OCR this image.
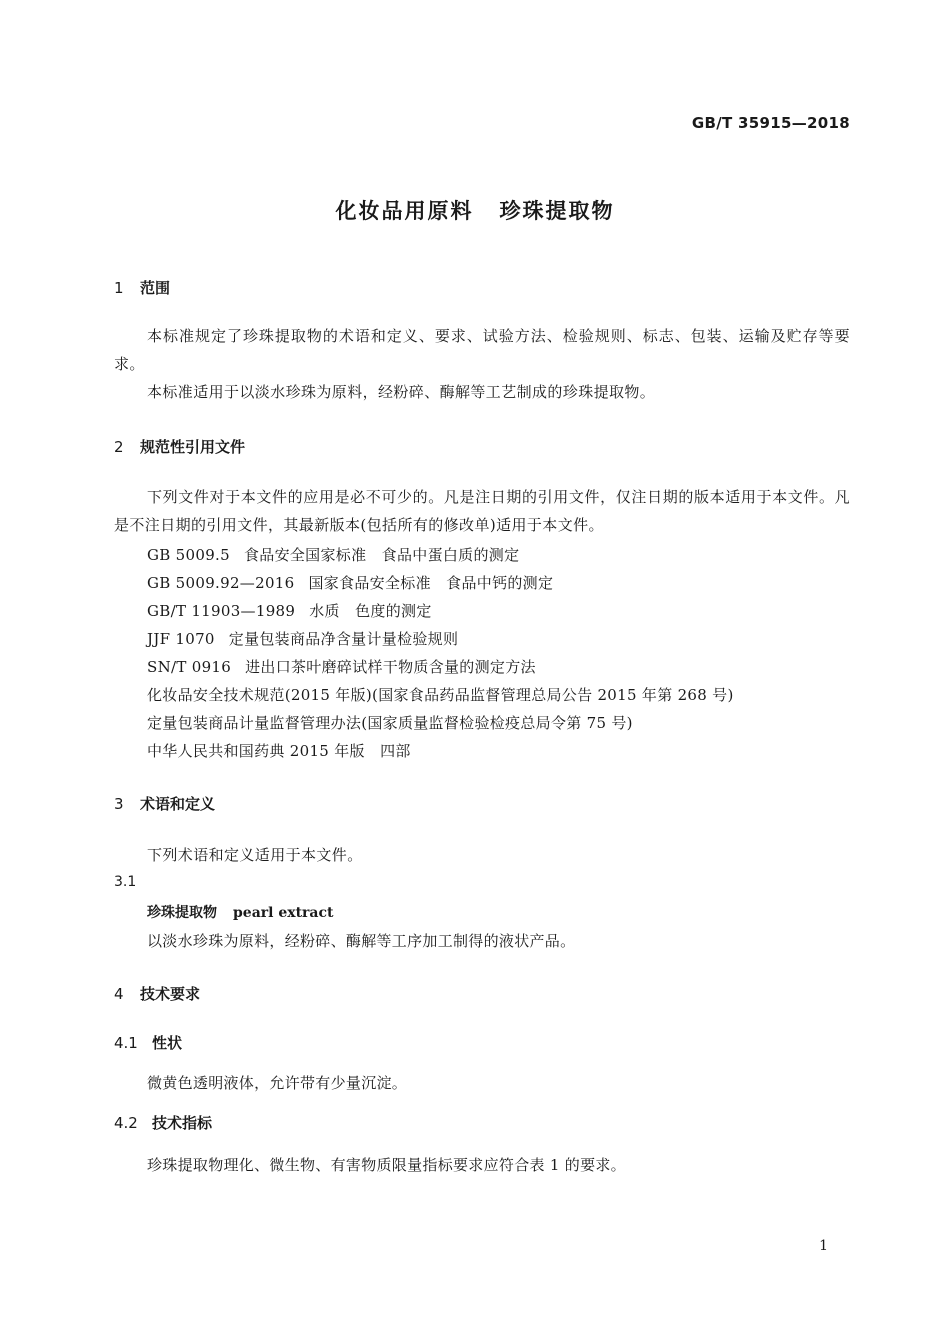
GB/T 35915—2018
化妆品用原料 珍珠提取物
1 范围

本标准规定了珍珠提取物的术语和定义、要求、试验方法、检验规则、标志、包装、运输及贮存等要求。

本标准适用于以淡水珍珠为原料，经粉碎、酶解等工艺制成的珍珠提取物。

2 规范性引用文件

下列文件对于本文件的应用是必不可少的。凡是注日期的引用文件，仅注日期的版本适用于本文件。凡是不注日期的引用文件，其最新版本(包括所有的修改单)适用于本文件。

GB 5009.5 食品安全国家标准　食品中蛋白质的测定
GB 5009.92—2016 国家食品安全标准　食品中钙的测定
GB/T 11903—1989 水质　色度的测定
JJF 1070 定量包装商品净含量计量检验规则
SN/T 0916 进出口茶叶磨碎试样干物质含量的测定方法
化妆品安全技术规范(2015 年版)(国家食品药品监督管理总局公告 2015 年第 268 号)
定量包装商品计量监督管理办法(国家质量监督检验检疫总局令第 75 号)
中华人民共和国药典 2015 年版　四部
3 术语和定义

下列术语和定义适用于本文件。

3.1
珍珠提取物 pearl extract
以淡水珍珠为原料，经粉碎、酶解等工序加工制得的液状产品。
4 技术要求
4.1 性状
微黄色透明液体，允许带有少量沉淀。
4.2 技术指标
珍珠提取物理化、微生物、有害物质限量指标要求应符合表 1 的要求。
1
